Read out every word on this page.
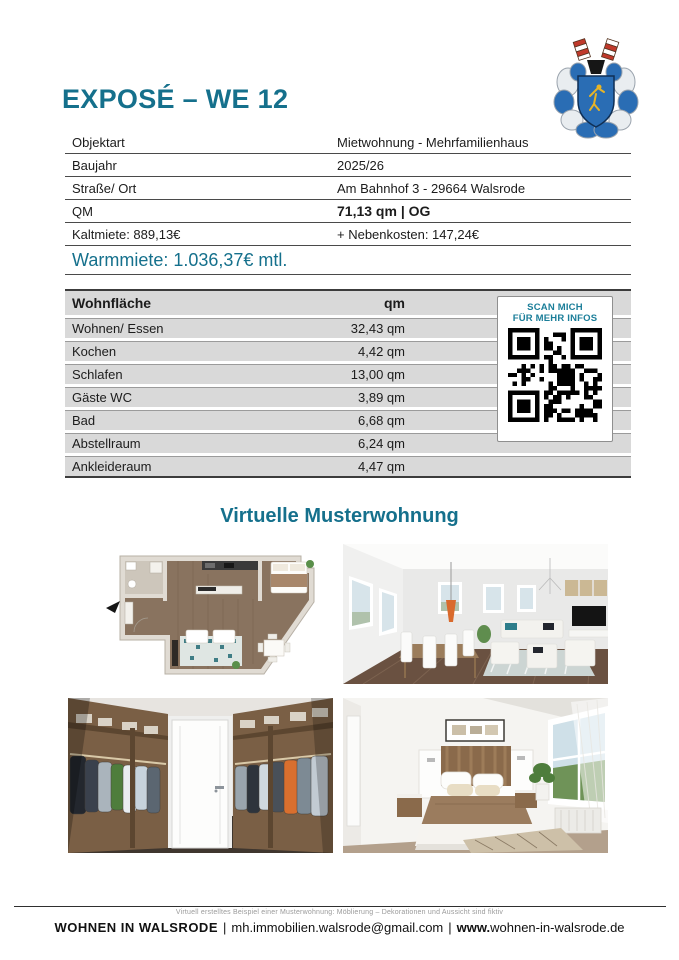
EXPOSÉ – WE 12
Objektart	Mietwohnung - Mehrfamilienhaus
Baujahr	2025/26
Straße/ Ort	Am Bahnhof 3 - 29664 Walsrode
QM	71,13 qm | OG
Kaltmiete: 889,13€	+ Nebenkosten: 147,24€
Warmmiete: 1.036,37€ mtl.
Wohnfläche	qm
Wohnen/ Essen	32,43 qm
Kochen	4,42 qm
Schlafen	13,00 qm
Gäste WC	3,89 qm
Bad	6,68 qm
Abstellraum	6,24 qm
Ankleideraum	4,47 qm
SCAN MICH
FÜR MEHR INFOS
Virtuelle Musterwohnung
Virtuell erstelltes Beispiel einer Musterwohnung: Möblierung – Dekorationen und Aussicht sind fiktiv
WOHNEN IN WALSRODE | mh.immobilien.walsrode@gmail.com | www.wohnen-in-walsrode.de
